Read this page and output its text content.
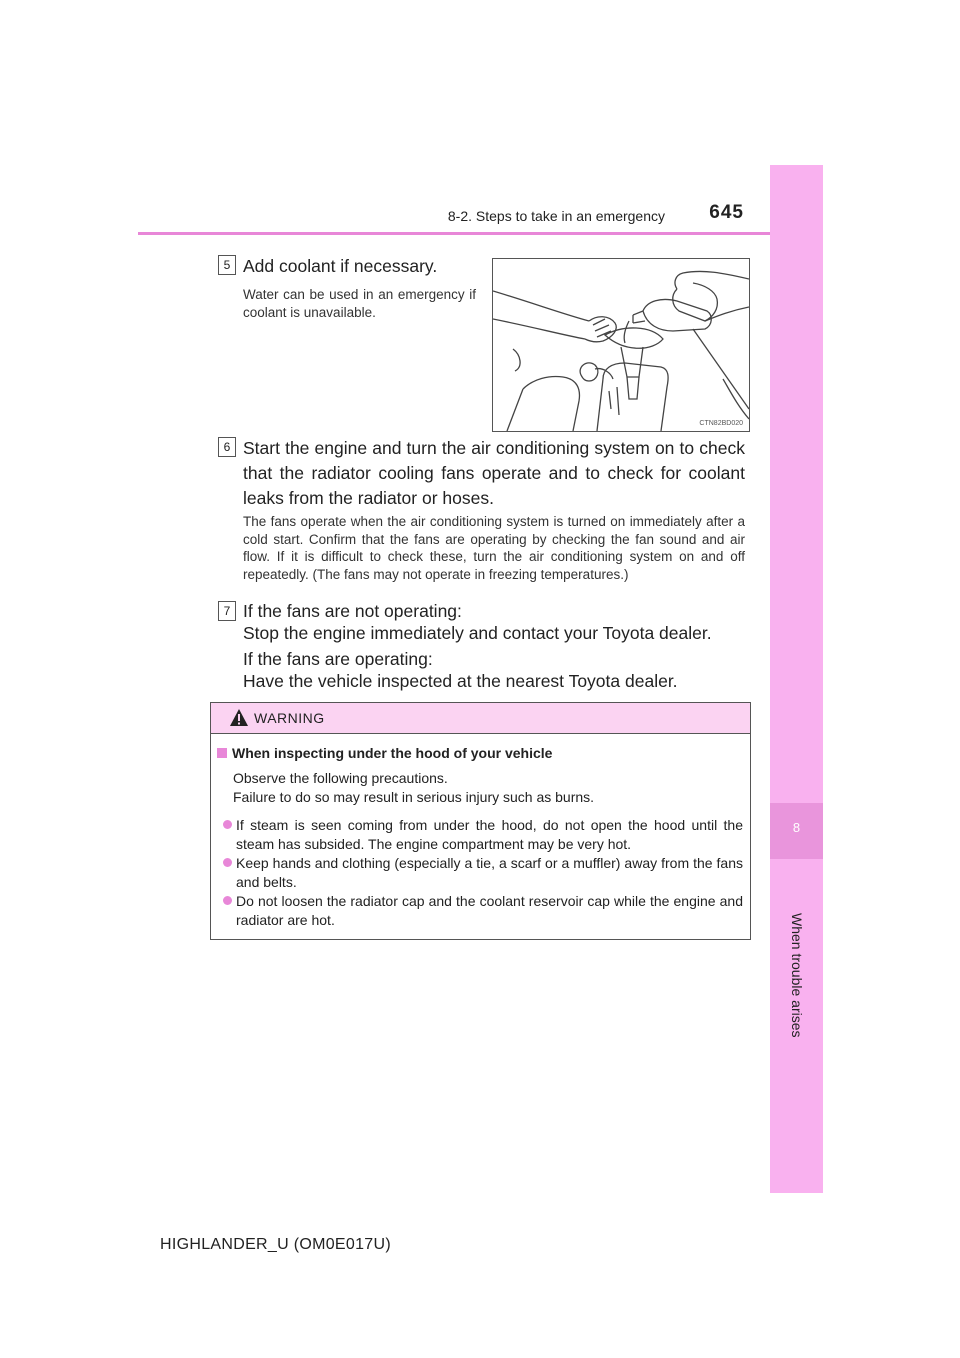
8-2. Steps to take in an emergency	645
8
When trouble arises
5 Add coolant if necessary.
Water can be used in an emergency if coolant is unavailable.
CTN82BD020
6 Start the engine and turn the air conditioning system on to check that the radiator cooling fans operate and to check for coolant leaks from the radiator or hoses.
The fans operate when the air conditioning system is turned on immediately after a cold start. Confirm that the fans are operating by checking the fan sound and air flow. If it is difficult to check these, turn the air conditioning system on and off repeatedly. (The fans may not operate in freezing temperatures.)
7 If the fans are not operating:
Stop the engine immediately and contact your Toyota dealer.
If the fans are operating:
Have the vehicle inspected at the nearest Toyota dealer.
WARNING
When inspecting under the hood of your vehicle
Observe the following precautions.
Failure to do so may result in serious injury such as burns.
If steam is seen coming from under the hood, do not open the hood until the steam has subsided. The engine compartment may be very hot.
Keep hands and clothing (especially a tie, a scarf or a muffler) away from the fans and belts.
Do not loosen the radiator cap and the coolant reservoir cap while the engine and radiator are hot.
HIGHLANDER_U (OM0E017U)
